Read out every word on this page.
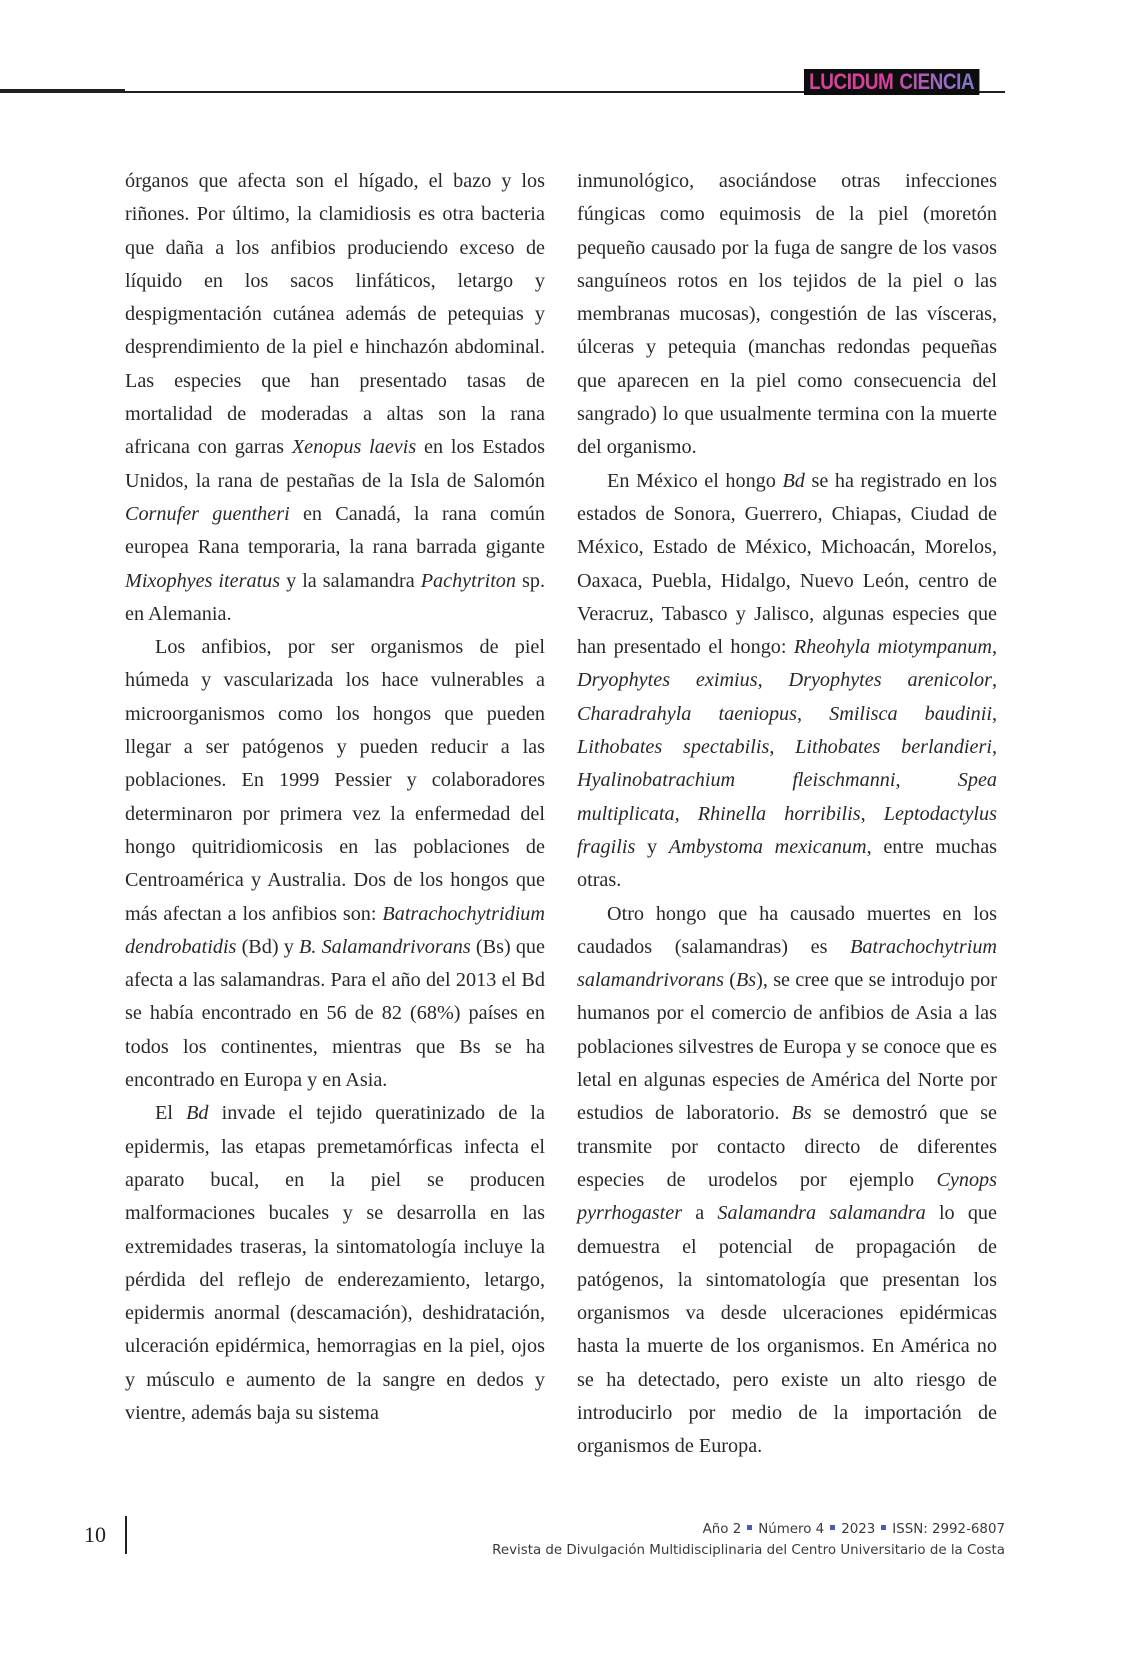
LUCIDUM CIENCIA

órganos que afecta son el hígado, el bazo y los riñones. Por último, la clamidiosis es otra bacteria que daña a los anfibios produciendo exceso de líquido en los sacos linfáticos, letargo y despigmentación cutánea además de petequias y desprendimiento de la piel e hinchazón abdominal. Las especies que han presentado tasas de mortalidad de moderadas a altas son la rana africana con garras Xenopus laevis en los Estados Unidos, la rana de pestañas de la Isla de Salomón Cornufer guentheri en Canadá, la rana común europea Rana temporaria, la rana barrada gigante Mixophyes iteratus y la salamandra Pachytriton sp. en Alemania.

Los anfibios, por ser organismos de piel húmeda y vascularizada los hace vulnerables a microorganismos como los hongos que pueden llegar a ser patógenos y pueden reducir a las poblaciones. En 1999 Pessier y colaboradores determinaron por primera vez la enfermedad del hongo quitridiomicosis en las poblaciones de Centroamérica y Australia. Dos de los hongos que más afectan a los anfibios son: Batrachochytridium dendrobatidis (Bd) y B. Salamandrivorans (Bs) que afecta a las salamandras. Para el año del 2013 el Bd se había encontrado en 56 de 82 (68%) países en todos los continentes, mientras que Bs se ha encontrado en Europa y en Asia.

El Bd invade el tejido queratinizado de la epidermis, las etapas premetamórficas infecta el aparato bucal, en la piel se producen malformaciones bucales y se desarrolla en las extremidades traseras, la sintomatología incluye la pérdida del reflejo de enderezamiento, letargo, epidermis anormal (descamación), deshidratación, ulceración epidérmica, hemorragias en la piel, ojos y músculo e aumento de la sangre en dedos y vientre, además baja su sistema

inmunológico, asociándose otras infecciones fúngicas como equimosis de la piel (moretón pequeño causado por la fuga de sangre de los vasos sanguíneos rotos en los tejidos de la piel o las membranas mucosas), congestión de las vísceras, úlceras y petequia (manchas redondas pequeñas que aparecen en la piel como consecuencia del sangrado) lo que usualmente termina con la muerte del organismo.

En México el hongo Bd se ha registrado en los estados de Sonora, Guerrero, Chiapas, Ciudad de México, Estado de México, Michoacán, Morelos, Oaxaca, Puebla, Hidalgo, Nuevo León, centro de Veracruz, Tabasco y Jalisco, algunas especies que han presentado el hongo: Rheohyla miotympanum, Dryophytes eximius, Dryophytes arenicolor, Charadrahyla taeniopus, Smilisca baudinii, Lithobates spectabilis, Lithobates berlandieri, Hyalinobatrachium fleischmanni, Spea multiplicata, Rhinella horribilis, Leptodactylus fragilis y Ambystoma mexicanum, entre muchas otras.

Otro hongo que ha causado muertes en los caudados (salamandras) es Batrachochytrium salamandrivorans (Bs), se cree que se introdujo por humanos por el comercio de anfibios de Asia a las poblaciones silvestres de Europa y se conoce que es letal en algunas especies de América del Norte por estudios de laboratorio. Bs se demostró que se transmite por contacto directo de diferentes especies de urodelos por ejemplo Cynops pyrrhogaster a Salamandra salamandra lo que demuestra el potencial de propagación de patógenos, la sintomatología que presentan los organismos va desde ulceraciones epidérmicas hasta la muerte de los organismos. En América no se ha detectado, pero existe un alto riesgo de introducirlo por medio de la importación de organismos de Europa.

10	Año 2 Número 4 2023 ISSN: 2992-6807
Revista de Divulgación Multidisciplinaria del Centro Universitario de la Costa
